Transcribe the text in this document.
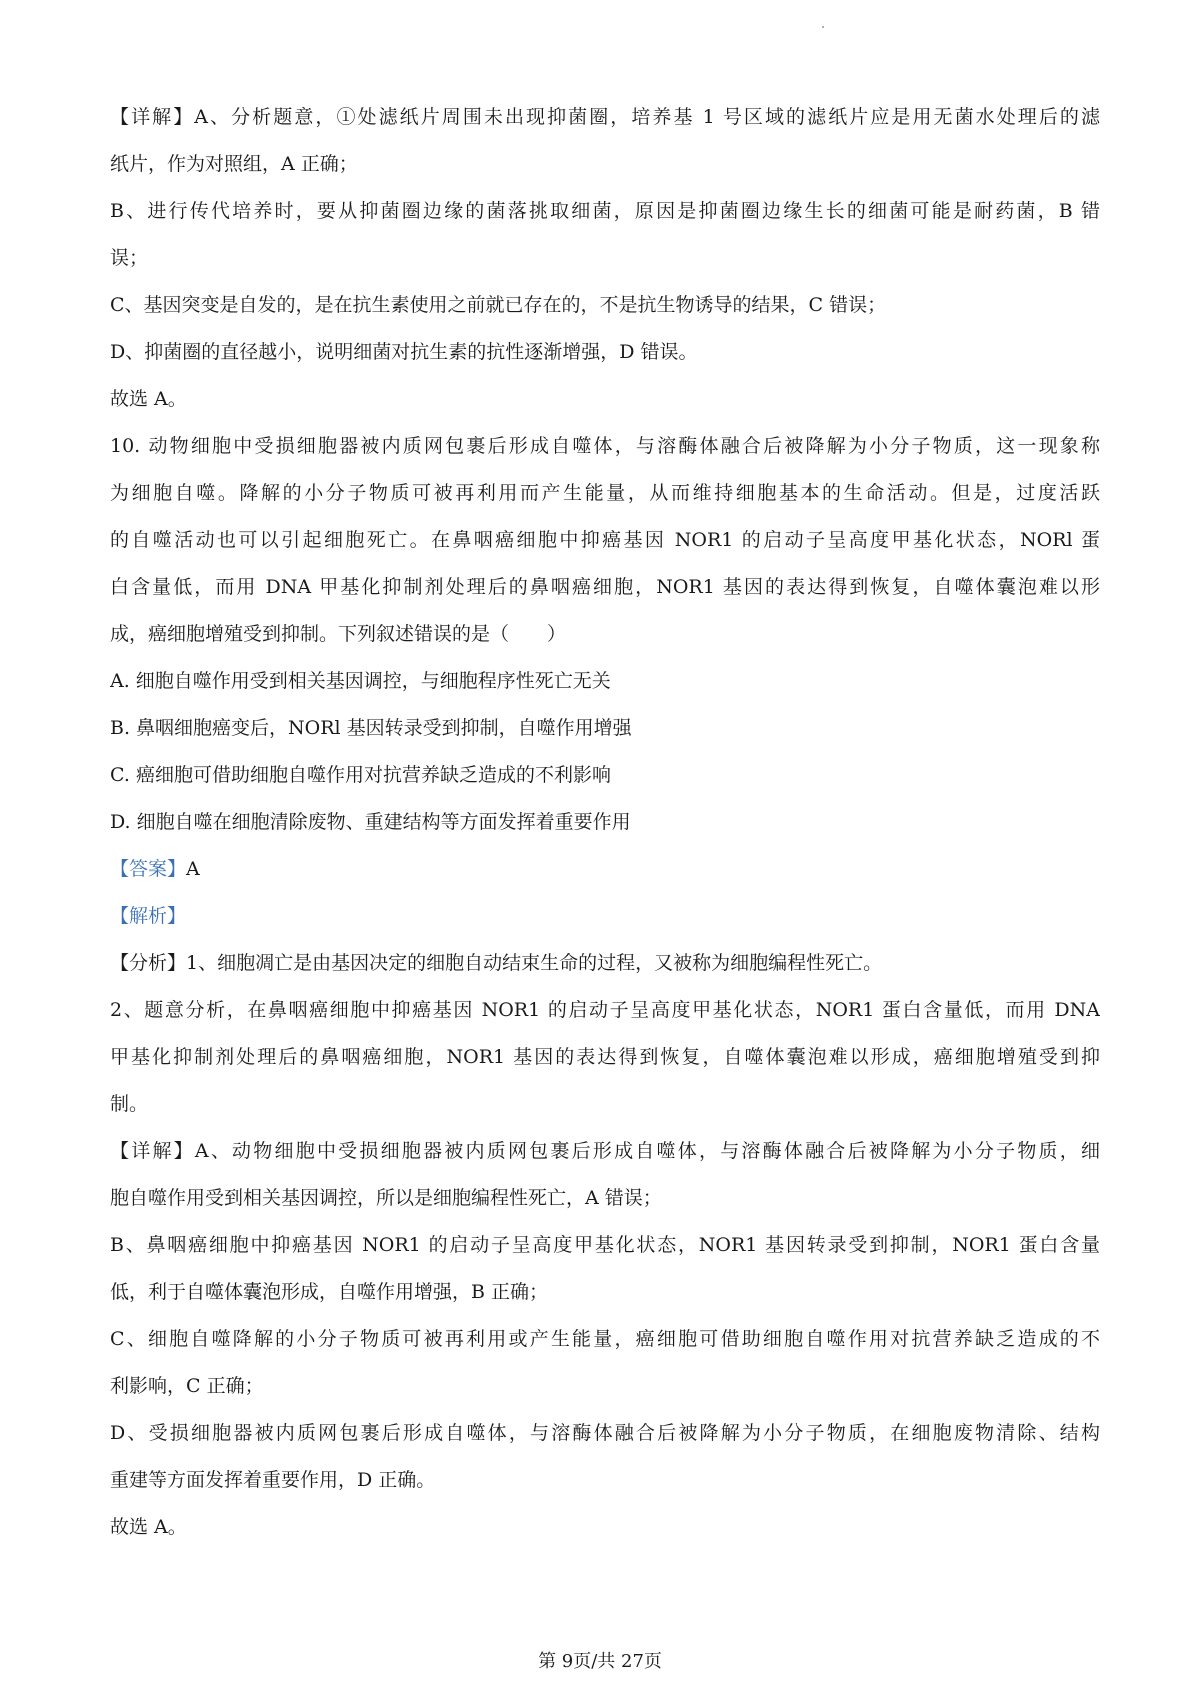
【详解】A、分析题意，①处滤纸片周围未出现抑菌圈，培养基 1 号区域的滤纸片应是用无菌水处理后的滤
纸片，作为对照组，A 正确；
B、进行传代培养时，要从抑菌圈边缘的菌落挑取细菌，原因是抑菌圈边缘生长的细菌可能是耐药菌，B 错
误；
C、基因突变是自发的，是在抗生素使用之前就已存在的，不是抗生物诱导的结果，C 错误；
D、抑菌圈的直径越小，说明细菌对抗生素的抗性逐渐增强，D 错误。
故选 A。
10. 动物细胞中受损细胞器被内质网包裹后形成自噬体，与溶酶体融合后被降解为小分子物质，这一现象称
为细胞自噬。降解的小分子物质可被再利用而产生能量，从而维持细胞基本的生命活动。但是，过度活跃
的自噬活动也可以引起细胞死亡。在鼻咽癌细胞中抑癌基因 NOR1 的启动子呈高度甲基化状态，NORl 蛋
白含量低，而用 DNA 甲基化抑制剂处理后的鼻咽癌细胞，NOR1 基因的表达得到恢复，自噬体囊泡难以形
成，癌细胞增殖受到抑制。下列叙述错误的是（　　）
A. 细胞自噬作用受到相关基因调控，与细胞程序性死亡无关
B. 鼻咽细胞癌变后，NORl 基因转录受到抑制，自噬作用增强
C. 癌细胞可借助细胞自噬作用对抗营养缺乏造成的不利影响
D. 细胞自噬在细胞清除废物、重建结构等方面发挥着重要作用
【答案】A
【解析】
【分析】1、细胞凋亡是由基因决定的细胞自动结束生命的过程，又被称为细胞编程性死亡。
2、题意分析，在鼻咽癌细胞中抑癌基因 NOR1 的启动子呈高度甲基化状态，NOR1 蛋白含量低，而用 DNA
甲基化抑制剂处理后的鼻咽癌细胞，NOR1 基因的表达得到恢复，自噬体囊泡难以形成，癌细胞增殖受到抑
制。
【详解】A、动物细胞中受损细胞器被内质网包裹后形成自噬体，与溶酶体融合后被降解为小分子物质，细
胞自噬作用受到相关基因调控，所以是细胞编程性死亡，A 错误；
B、鼻咽癌细胞中抑癌基因 NOR1 的启动子呈高度甲基化状态，NOR1 基因转录受到抑制，NOR1 蛋白含量
低，利于自噬体囊泡形成，自噬作用增强，B 正确；
C、细胞自噬降解的小分子物质可被再利用或产生能量，癌细胞可借助细胞自噬作用对抗营养缺乏造成的不
利影响，C 正确；
D、受损细胞器被内质网包裹后形成自噬体，与溶酶体融合后被降解为小分子物质，在细胞废物清除、结构
重建等方面发挥着重要作用，D 正确。
故选 A。
第 9页/共 27页
